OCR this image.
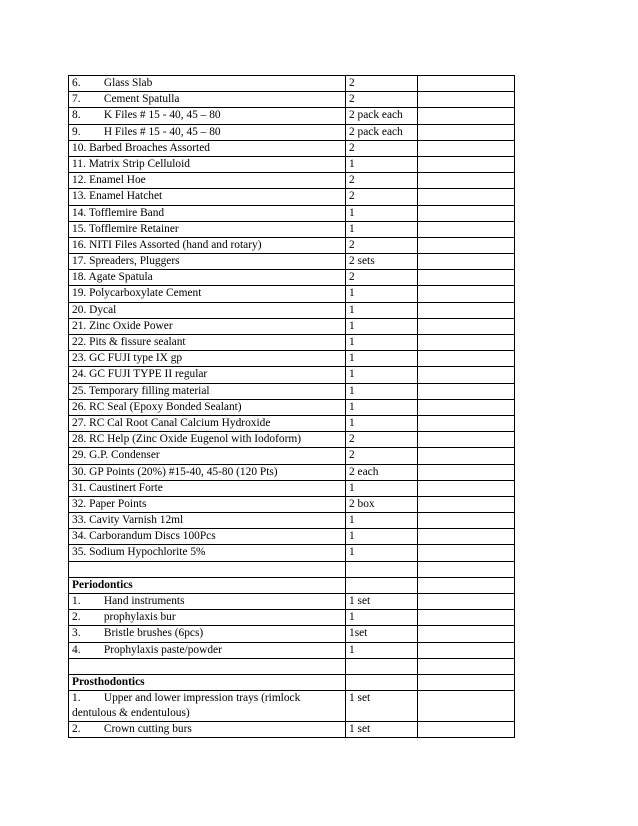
6. Glass Slab	2	
7. Cement Spatulla	2	
8. K Files # 15 - 40, 45 – 80	2 pack each	
9. H Files # 15 - 40, 45 – 80	2 pack each	
10. Barbed Broaches Assorted	2	
11. Matrix Strip Celluloid	1	
12. Enamel Hoe	2	
13. Enamel Hatchet	2	
14. Tofflemire Band	1	
15. Tofflemire Retainer	1	
16. NITI Files Assorted (hand and rotary)	2	
17. Spreaders, Pluggers	2 sets	
18. Agate Spatula	2	
19. Polycarboxylate Cement	1	
20. Dycal	1	
21. Zinc Oxide Power	1	
22. Pits & fissure sealant	1	
23. GC FUJI type IX gp	1	
24. GC FUJI TYPE II regular	1	
25. Temporary filling material	1	
26. RC Seal (Epoxy Bonded Sealant)	1	
27. RC Cal Root Canal Calcium Hydroxide	1	
28. RC Help (Zinc Oxide Eugenol with Iodoform)	2	
29. G.P. Condenser	2	
30. GP Points (20%) #15-40, 45-80 (120 Pts)	2 each	
31. Caustinert Forte	1	
32. Paper Points	2 box	
33. Cavity Varnish 12ml	1	
34. Carborandum Discs 100Pcs	1	
35. Sodium Hypochlorite 5%	1	

Periodontics		
1. Hand instruments	1 set	
2. prophylaxis bur	1	
3. Bristle brushes (6pcs)	1set	
4. Prophylaxis paste/powder	1	

Prosthodontics		
1. Upper and lower impression trays (rimlock dentulous & endentulous)	1 set	
2. Crown cutting burs	1 set	
